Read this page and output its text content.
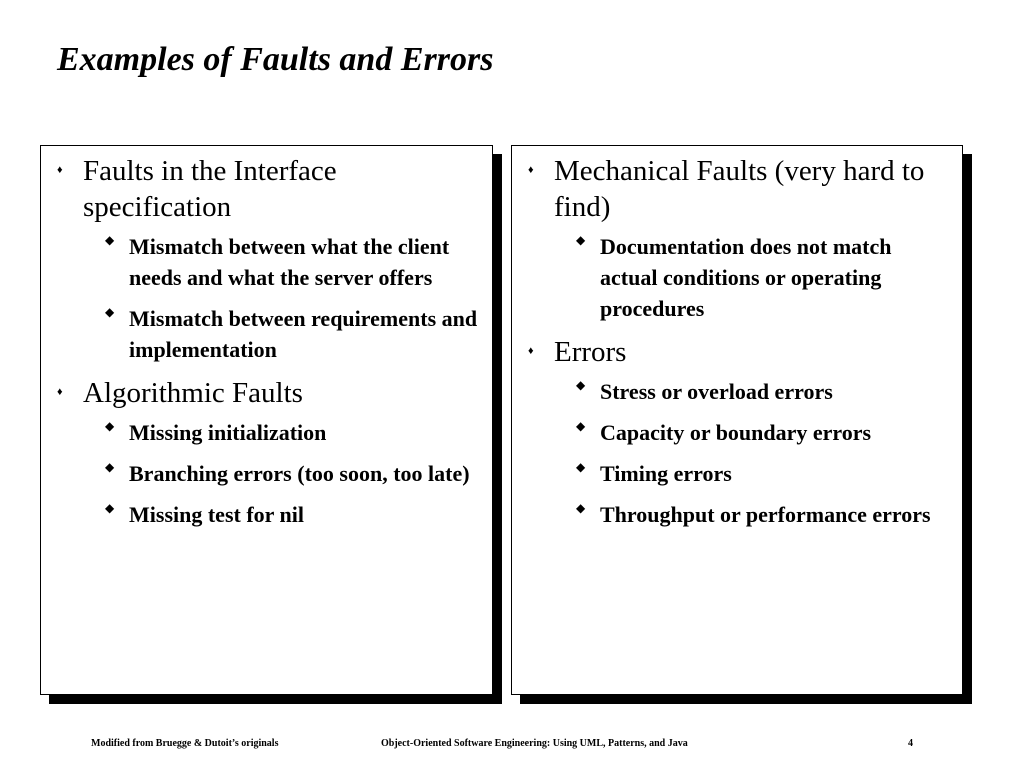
Examples of Faults and Errors
♦ Faults in the Interface specification
◆ Mismatch between what the client needs and what the server offers
◆ Mismatch between requirements and implementation
♦ Algorithmic Faults
◆ Missing initialization
◆ Branching errors (too soon, too late)
◆ Missing test for nil
♦ Mechanical Faults (very hard to find)
◆ Documentation does not match actual conditions or operating procedures
♦ Errors
◆ Stress or overload errors
◆ Capacity or boundary errors
◆ Timing errors
◆ Throughput or performance errors
Modified from Bruegge & Dutoit’s originals	Object-Oriented Software Engineering: Using UML, Patterns, and Java	4
